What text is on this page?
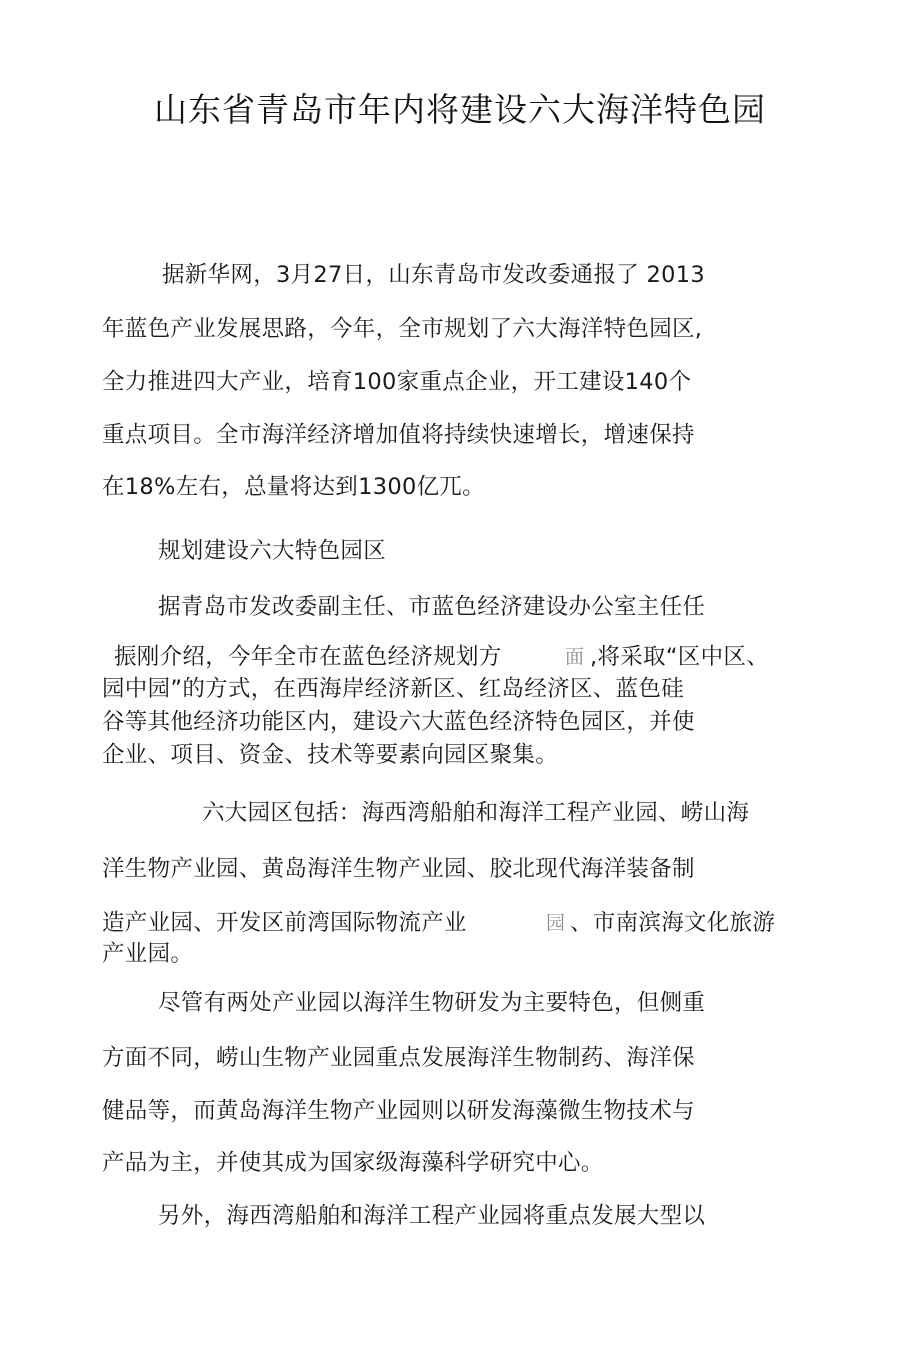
山东省青岛市年内将建设六大海洋特色园
据新华网，3月27日，山东青岛市发改委通报了 2013
年蓝色产业发展思路，今年，全市规划了六大海洋特色园区,
全力推进四大产业，培育100家重点企业，开工建设140个
重点项目。全市海洋经济增加值将持续快速增长，增速保持
在18%左右，总量将达到1300亿兀。
规划建设六大特色园区
据青岛市发改委副主任、市蓝色经济建设办公室主任任
振刚介绍，今年全市在蓝色经济规划方	面 ,将采取“区中区、
园中园”的方式，在西海岸经济新区、红岛经济区、蓝色硅
谷等其他经济功能区内，建设六大蓝色经济特色园区，并使
企业、项目、资金、技术等要素向园区聚集。
六大园区包括：海西湾船舶和海洋工程产业园、崂山海
洋生物产业园、黄岛海洋生物产业园、胶北现代海洋装备制
造产业园、开发区前湾国际物流产业	园 、市南滨海文化旅游
产业园。
尽管有两处产业园以海洋生物研发为主要特色，但侧重
方面不同，崂山生物产业园重点发展海洋生物制药、海洋保
健品等，而黄岛海洋生物产业园则以研发海藻微生物技术与
产品为主，并使其成为国家级海藻科学研究中心。
另外，海西湾船舶和海洋工程产业园将重点发展大型以
